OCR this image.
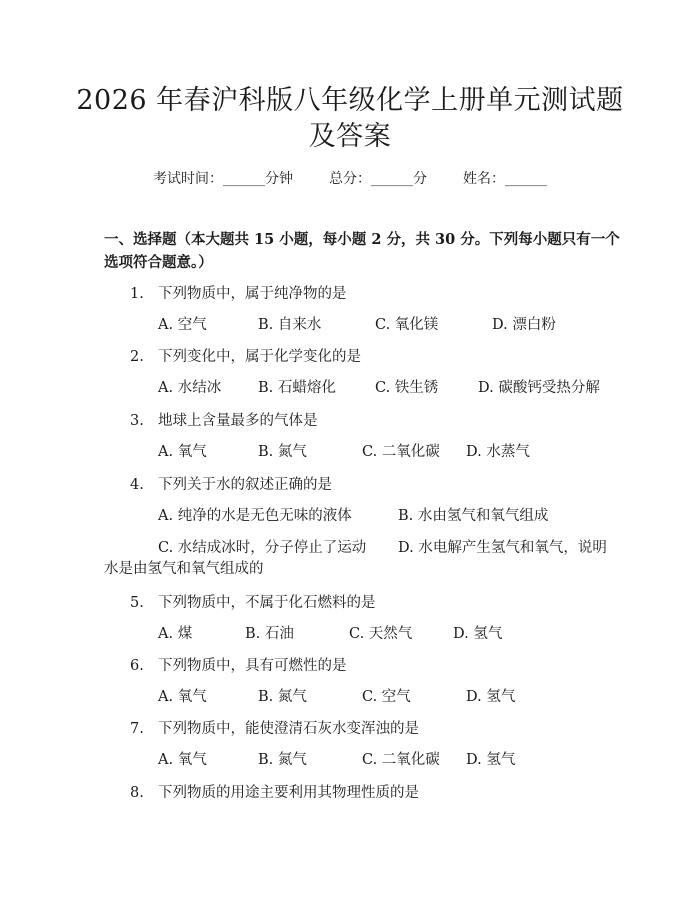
2026 年春沪科版八年级化学上册单元测试题
及答案
考试时间：______分钟	总分：______分	姓名：______
一、选择题（本大题共 15 小题，每小题 2 分，共 30 分。下列每小题只有一个选项符合题意。）
1. 下列物质中，属于纯净物的是
A. 空气	B. 自来水	C. 氧化镁	D. 漂白粉
2. 下列变化中，属于化学变化的是
A. 水结冰	B. 石蜡熔化	C. 铁生锈	D. 碳酸钙受热分解
3. 地球上含量最多的气体是
A. 氧气	B. 氮气	C. 二氧化碳 D. 水蒸气
4. 下列关于水的叙述正确的是
A. 纯净的水是无色无味的液体	B. 水由氢气和氧气组成
C. 水结成冰时，分子停止了运动 D. 水电解产生氢气和氧气，说明
水是由氢气和氧气组成的
5. 下列物质中，不属于化石燃料的是
A. 煤	B. 石油	C. 天然气	D. 氢气
6. 下列物质中，具有可燃性的是
A. 氧气	B. 氮气	C. 空气	D. 氢气
7. 下列物质中，能使澄清石灰水变浑浊的是
A. 氧气	B. 氮气	C. 二氧化碳 D. 氢气
8. 下列物质的用途主要利用其物理性质的是
